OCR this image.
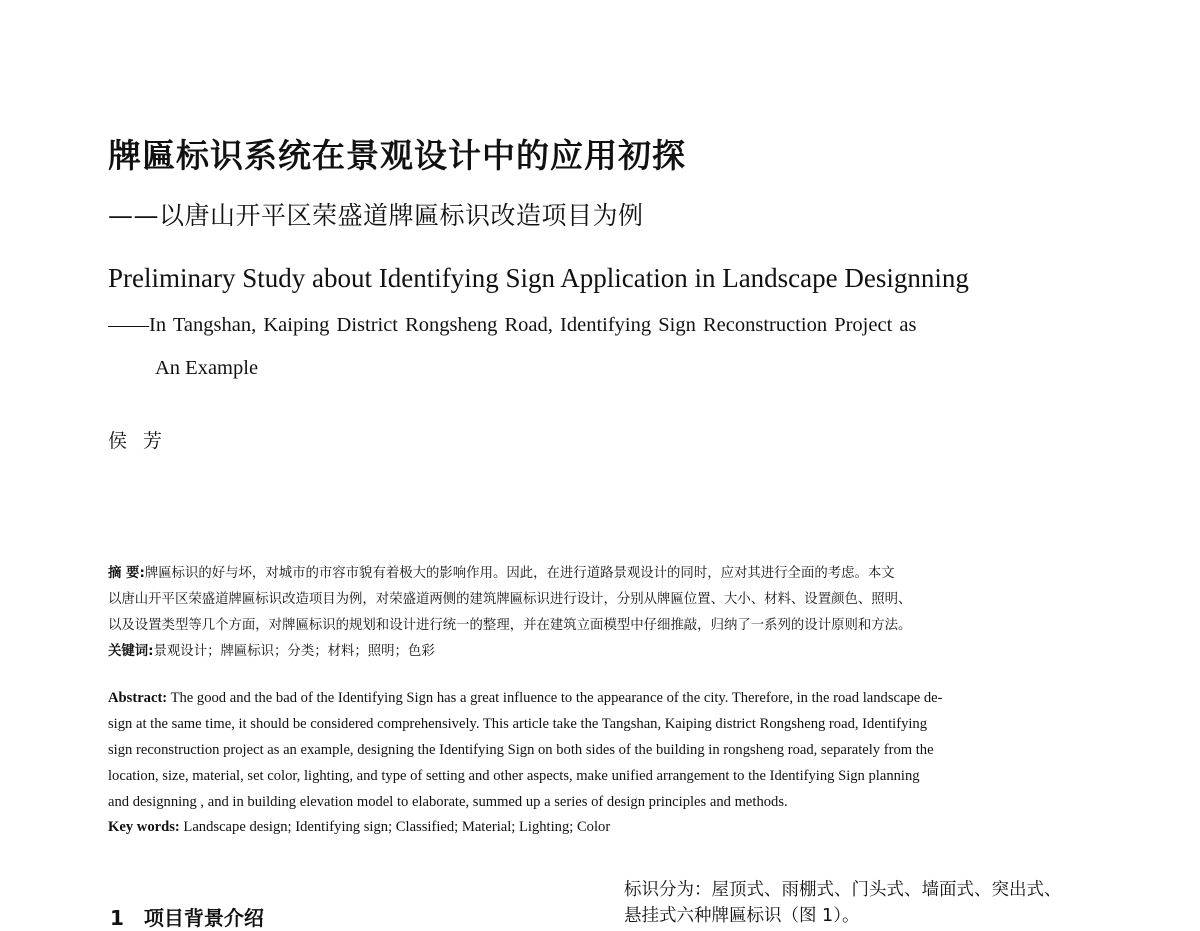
牌匾标识系统在景观设计中的应用初探
——以唐山开平区荣盛道牌匾标识改造项目为例
Preliminary Study about Identifying Sign Application in Landscape Designning
——In Tangshan, Kaiping District Rongsheng Road, Identifying Sign Reconstruction Project as
An Example
侯芳
摘 要:牌匾标识的好与坏，对城市的市容市貌有着极大的影响作用。因此，在进行道路景观设计的同时，应对其进行全面的考虑。本文
以唐山开平区荣盛道牌匾标识改造项目为例，对荣盛道两侧的建筑牌匾标识进行设计，分别从牌匾位置、大小、材料、设置颜色、照明、
以及设置类型等几个方面，对牌匾标识的规划和设计进行统一的整理，并在建筑立面模型中仔细推敲，归纳了一系列的设计原则和方法。
关键词:景观设计；牌匾标识；分类；材料；照明；色彩
Abstract: The good and the bad of the Identifying Sign has a great influence to the appearance of the city. Therefore, in the road landscape de-
sign at the same time, it should be considered comprehensively. This article take the Tangshan, Kaiping district Rongsheng road, Identifying
sign reconstruction project as an example, designing the Identifying Sign on both sides of the building in rongsheng road, separately from the
location, size, material, set color, lighting, and type of setting and other aspects, make unified arrangement to the Identifying Sign planning
and designning , and in building elevation model to elaborate, summed up a series of design principles and methods.
Key words: Landscape design; Identifying sign; Classified; Material; Lighting; Color
标识分为：屋顶式、雨棚式、门头式、墙面式、突出式、
悬挂式六种牌匾标识（图 1）。
1　项目背景介绍
